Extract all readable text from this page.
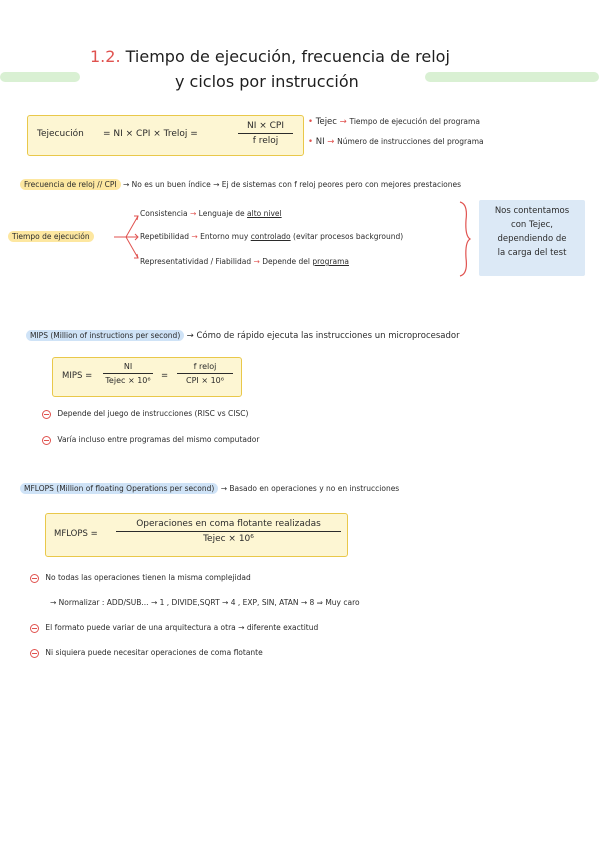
1.2. Tiempo de ejecución, frecuencia de reloj
y ciclos por instrucción
Tejecución = NI × CPI × Treloj =
NI × CPI
f reloj
• Tejec → Tiempo de ejecución del programa
• NI → Número de instrucciones del programa
Frecuencia de reloj // CPI → No es un buen índice → Ej de sistemas con f reloj peores pero con mejores prestaciones
Tiempo de ejecución
Consistencia → Lenguaje de alto nivel
Repetibilidad → Entorno muy controlado (evitar procesos background)
Representatividad / Fiabilidad → Depende del programa
Nos contentamos
con Tejec,
dependiendo de
la carga del test
MIPS (Million of instructions per second) → Cómo de rápido ejecuta las instrucciones un microprocesador
MIPS =
NI
Tejec × 10⁶ =
f reloj
CPI × 10⁶
Depende del juego de instrucciones (RISC vs CISC)
Varía incluso entre programas del mismo computador
MFLOPS (Million of floating Operations per second) → Basado en operaciones y no en instrucciones
MFLOPS =
Operaciones en coma flotante realizadas
Tejec × 10⁶
No todas las operaciones tienen la misma complejidad
→ Normalizar : ADD/SUB... → 1 , DIVIDE,SQRT → 4 , EXP, SIN, ATAN → 8 ⇒ Muy caro
El formato puede variar de una arquitectura a otra → diferente exactitud
Ni siquiera puede necesitar operaciones de coma flotante
